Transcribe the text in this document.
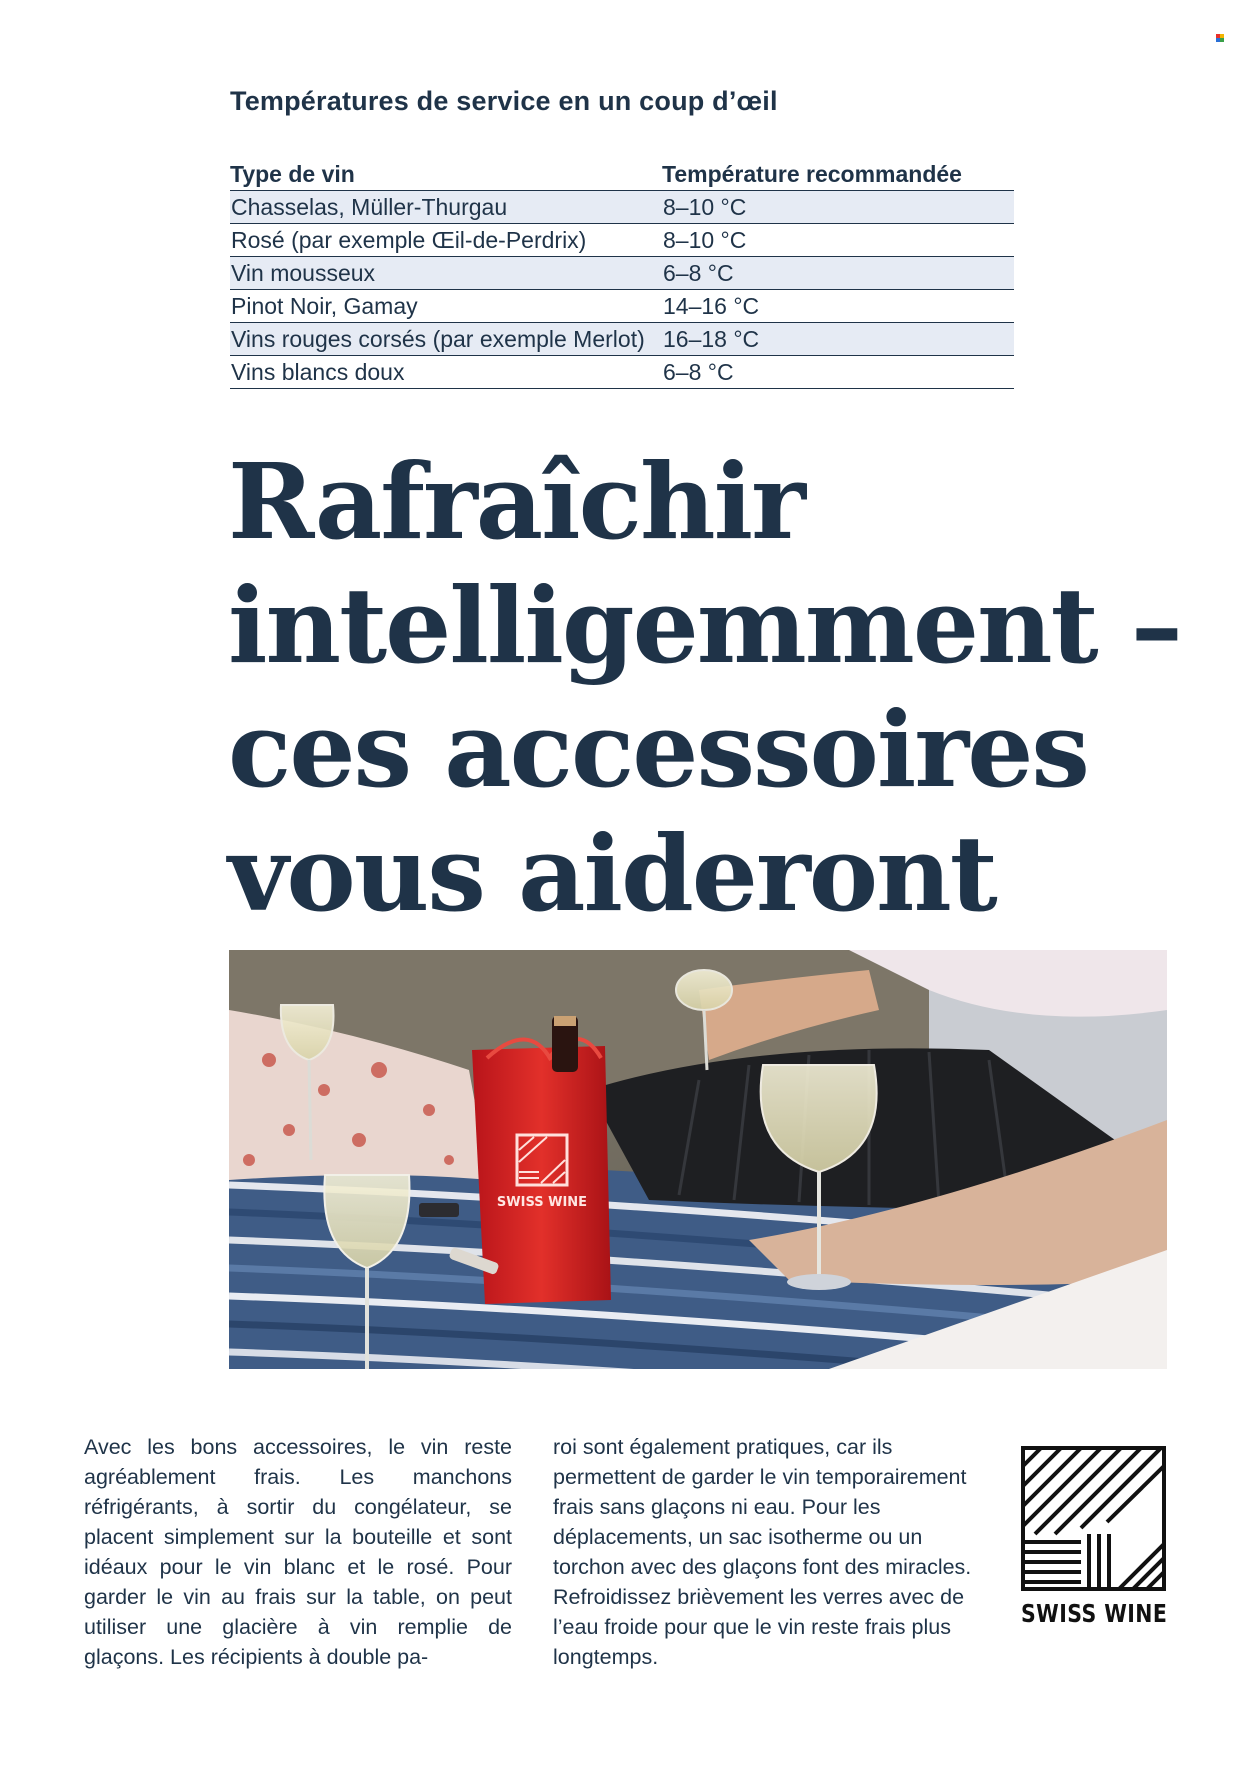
Températures de service en un coup d’œil
Type de vin	Température recommandée
Chasselas, Müller-Thurgau	8–10 °C
Rosé (par exemple Œil-de-Perdrix)	8–10 °C
Vin mousseux	6–8 °C
Pinot Noir, Gamay	14–16 °C
Vins rouges corsés (par exemple Merlot)	16–18 °C
Vins blancs doux	6–8 °C
Rafraîchir
intelligemment –
ces accessoires
vous aideront
SWISS WINE

Avec les bons accessoires, le vin reste agréablement frais. Les manchons réfrigérants, à sortir du congélateur, se placent simplement sur la bouteille et sont idéaux pour le vin blanc et le rosé. Pour garder le vin au frais sur la table, on peut utiliser une glacière à vin remplie de glaçons. Les récipients à double pa-

roi sont également pratiques, car ils permettent de garder le vin temporairement frais sans glaçons ni eau. Pour les déplacements, un sac isotherme ou un torchon avec des glaçons font des miracles. Refroidissez brièvement les verres avec de l’eau froide pour que le vin reste frais plus longtemps.

SWISS WINE
